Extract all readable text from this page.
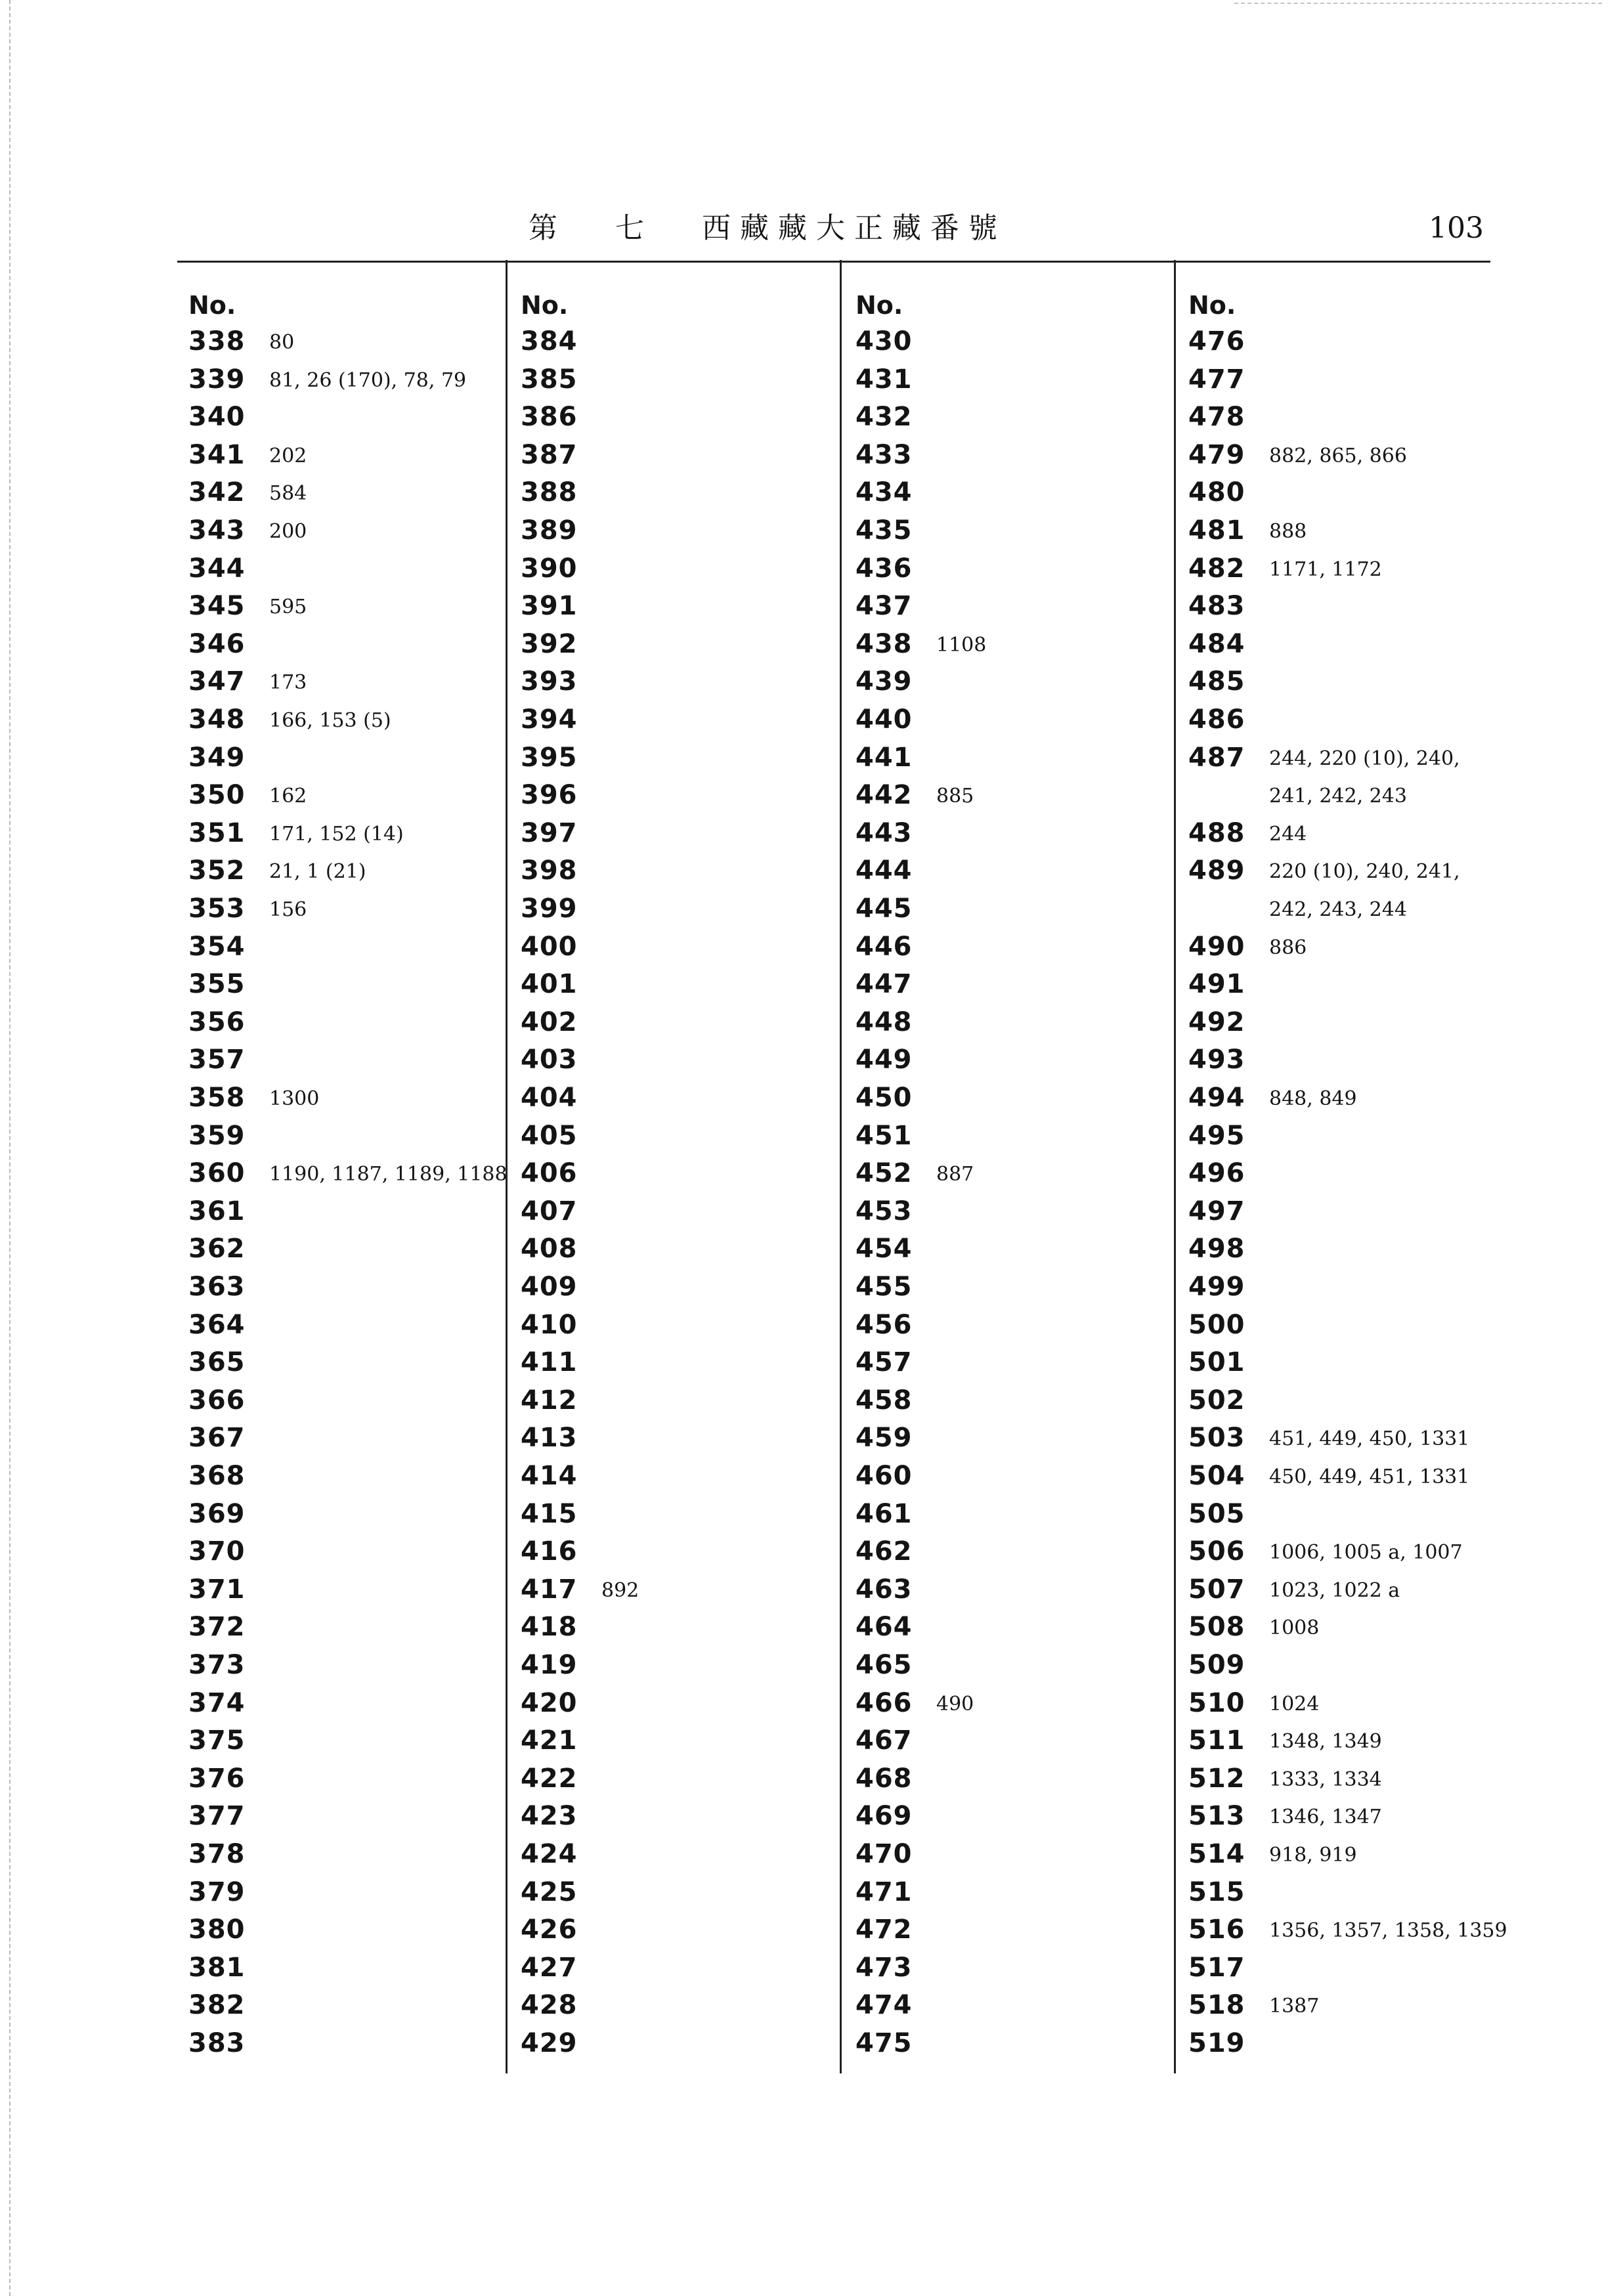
第　　七　　西 藏 藏 大 正 藏 番 號	103
No.
338	80
339	81, 26 (170), 78, 79
340
341	202
342	584
343	200
344
345	595
346
347	173
348	166, 153 (5)
349
350	162
351	171, 152 (14)
352	21, 1 (21)
353	156
354
355
356
357
358	1300
359
360	1190, 1187, 1189, 1188
361
362
363
364
365
366
367
368
369
370
371
372
373
374
375
376
377
378
379
380
381
382
383
No.
384
385
386
387
388
389
390
391
392
393
394
395
396
397
398
399
400
401
402
403
404
405
406
407
408
409
410
411
412
413
414
415
416
417	892
418
419
420
421
422
423
424
425
426
427
428
429
No.
430
431
432
433
434
435
436
437
438	1108
439
440
441
442	885
443
444
445
446
447
448
449
450
451
452	887
453
454
455
456
457
458
459
460
461
462
463
464
465
466	490
467
468
469
470
471
472
473
474
475
No.
476
477
478
479	882, 865, 866
480
481	888
482	1171, 1172
483
484
485
486
487	244, 220 (10), 240,
241, 242, 243
488	244
489	220 (10), 240, 241,
242, 243, 244
490	886
491
492
493
494	848, 849
495
496
497
498
499
500
501
502
503	451, 449, 450, 1331
504	450, 449, 451, 1331
505
506	1006, 1005 a, 1007
507	1023, 1022 a
508	1008
509
510	1024
511	1348, 1349
512	1333, 1334
513	1346, 1347
514	918, 919
515
516	1356, 1357, 1358, 1359
517
518	1387
519
